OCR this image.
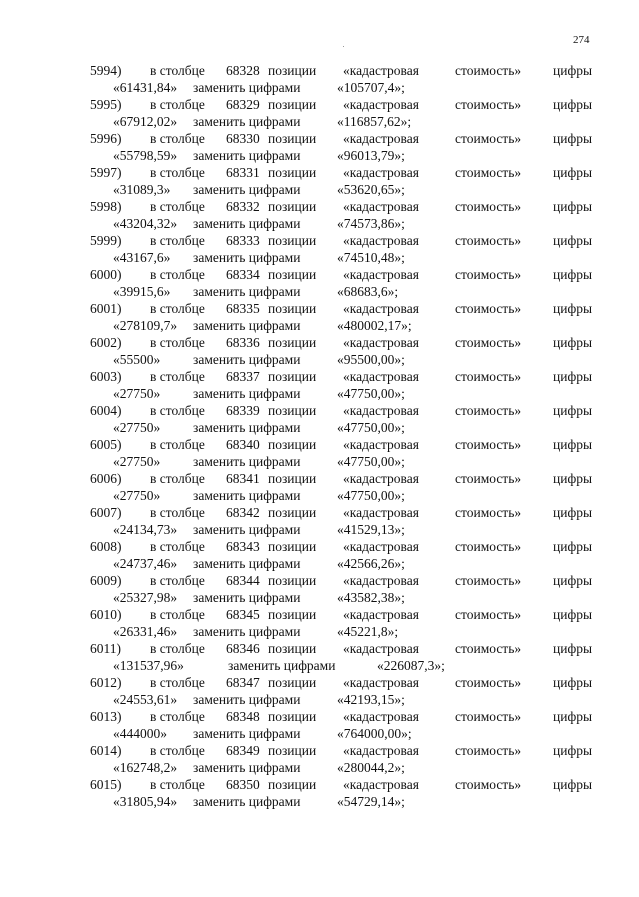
274
5994) в столбце 68328 позиции «кадастровая	стоимость» цифры
«61431,84» заменить цифрами	«105707,4»;
5995) в столбце 68329 позиции «кадастровая	стоимость» цифры
«67912,02» заменить цифрами	«116857,62»;
5996) в столбце 68330 позиции «кадастровая	стоимость» цифры
«55798,59» заменить цифрами	«96013,79»;
5997) в столбце 68331 позиции «кадастровая	стоимость» цифры
«31089,3» заменить цифрами	«53620,65»;
5998) в столбце 68332 позиции «кадастровая	стоимость» цифры
«43204,32» заменить цифрами	«74573,86»;
5999) в столбце 68333 позиции «кадастровая	стоимость» цифры
«43167,6» заменить цифрами	«74510,48»;
6000) в столбце 68334 позиции «кадастровая	стоимость» цифры
«39915,6» заменить цифрами	«68683,6»;
6001) в столбце 68335 позиции «кадастровая	стоимость» цифры
«278109,7» заменить цифрами	«480002,17»;
6002) в столбце 68336 позиции «кадастровая	стоимость» цифры
«55500» заменить цифрами	«95500,00»;
6003) в столбце 68337 позиции «кадастровая	стоимость» цифры
«27750» заменить цифрами	«47750,00»;
6004) в столбце 68339 позиции «кадастровая	стоимость» цифры
«27750» заменить цифрами	«47750,00»;
6005) в столбце 68340 позиции «кадастровая	стоимость» цифры
«27750» заменить цифрами	«47750,00»;
6006) в столбце 68341 позиции «кадастровая	стоимость» цифры
«27750» заменить цифрами	«47750,00»;
6007) в столбце 68342 позиции «кадастровая	стоимость» цифры
«24134,73» заменить цифрами	«41529,13»;
6008) в столбце 68343 позиции «кадастровая	стоимость» цифры
«24737,46» заменить цифрами	«42566,26»;
6009) в столбце 68344 позиции «кадастровая	стоимость» цифры
«25327,98» заменить цифрами	«43582,38»;
6010) в столбце 68345 позиции «кадастровая	стоимость» цифры
«26331,46» заменить цифрами	«45221,8»;
6011) в столбце 68346 позиции «кадастровая	стоимость» цифры
«131537,96»	заменить цифрами	«226087,3»;
6012) в столбце 68347 позиции «кадастровая	стоимость» цифры
«24553,61» заменить цифрами	«42193,15»;
6013) в столбце 68348 позиции «кадастровая	стоимость» цифры
«444000» заменить цифрами	«764000,00»;
6014) в столбце 68349 позиции «кадастровая	стоимость» цифры
«162748,2» заменить цифрами	«280044,2»;
6015) в столбце 68350 позиции «кадастровая	стоимость» цифры
«31805,94» заменить цифрами	«54729,14»;
